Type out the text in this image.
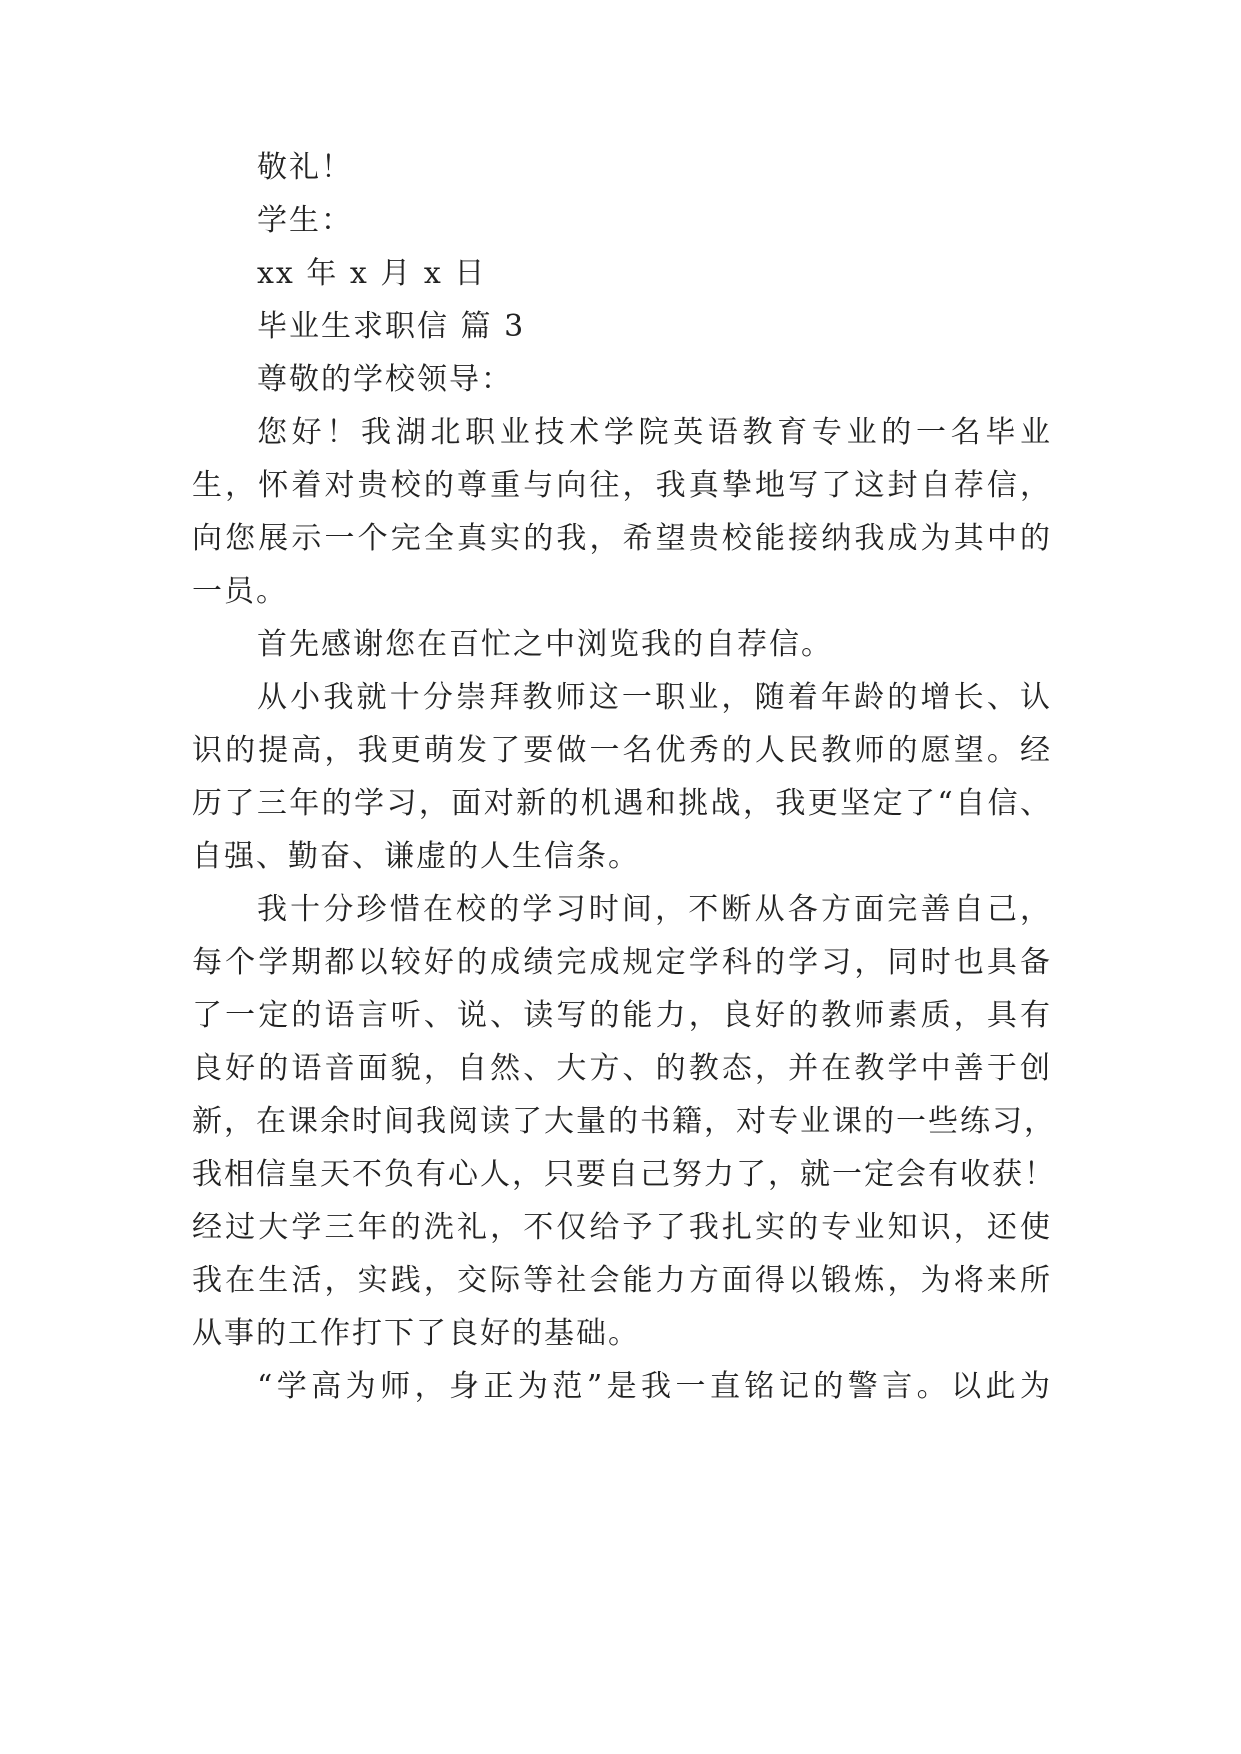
敬礼！
学生：
xx 年 x 月 x 日
毕业生求职信 篇 3
尊敬的学校领导：
您好！我湖北职业技术学院英语教育专业的一名毕业
生，怀着对贵校的尊重与向往，我真挚地写了这封自荐信，
向您展示一个完全真实的我，希望贵校能接纳我成为其中的
一员。
首先感谢您在百忙之中浏览我的自荐信。
从小我就十分崇拜教师这一职业，随着年龄的增长、认
识的提高，我更萌发了要做一名优秀的人民教师的愿望。经
历了三年的学习，面对新的机遇和挑战，我更坚定了“自信、
自强、勤奋、谦虚的人生信条。
我十分珍惜在校的学习时间，不断从各方面完善自己，
每个学期都以较好的成绩完成规定学科的学习，同时也具备
了一定的语言听、说、读写的能力，良好的教师素质，具有
良好的语音面貌，自然、大方、的教态，并在教学中善于创
新，在课余时间我阅读了大量的书籍，对专业课的一些练习，
我相信皇天不负有心人，只要自己努力了，就一定会有收获！
经过大学三年的洗礼，不仅给予了我扎实的专业知识，还使
我在生活，实践，交际等社会能力方面得以锻炼，为将来所
从事的工作打下了良好的基础。
“学高为师，身正为范”是我一直铭记的警言。以此为
